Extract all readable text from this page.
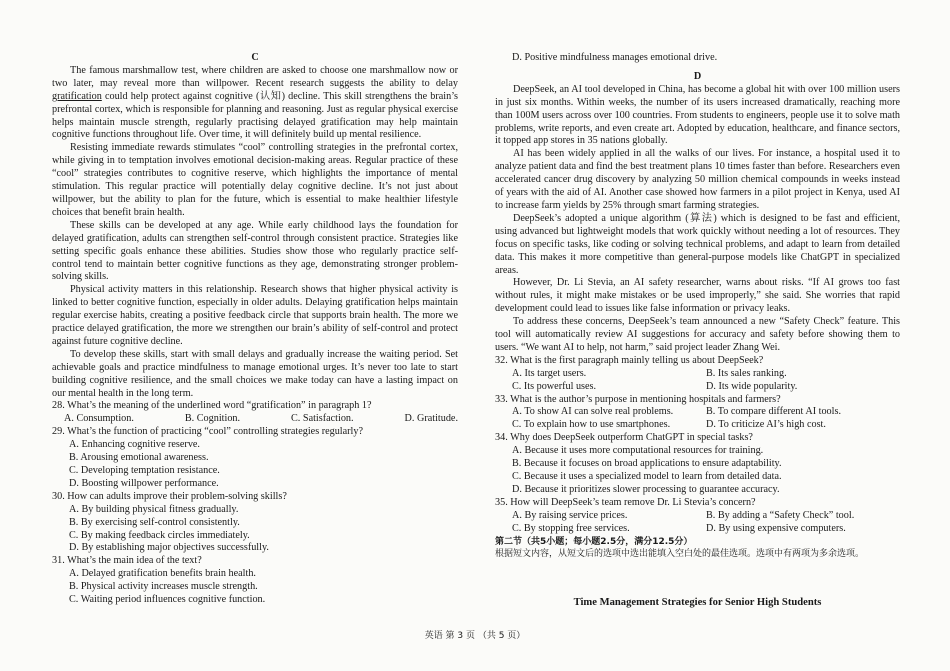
C

The famous marshmallow test, where children are asked to choose one marshmallow now or two later, may reveal more than willpower. Recent research suggests the ability to delay gratification could help protect against cognitive (认知) decline. This skill strengthens the brain’s prefrontal cortex, which is responsible for planning and reasoning. Just as regular physical exercise helps maintain muscle strength, regularly practising delayed gratification may help maintain cognitive functions throughout life. Over time, it will definitely build up mental resilience.

Resisting immediate rewards stimulates “cool” controlling strategies in the prefrontal cortex, while giving in to temptation involves emotional decision-making areas. Regular practice of these “cool” strategies contributes to cognitive reserve, which highlights the importance of mental stimulation. This regular practice will potentially delay cognitive decline. It’s not just about willpower, but the ability to plan for the future, which is essential to make healthier lifestyle choices that benefit brain health.

These skills can be developed at any age. While early childhood lays the foundation for delayed gratification, adults can strengthen self-control through consistent practice. Strategies like setting specific goals enhance these abilities. Studies show those who regularly practice self-control tend to maintain better cognitive functions as they age, demonstrating stronger problem-solving skills.

Physical activity matters in this relationship. Research shows that higher physical activity is linked to better cognitive function, especially in older adults. Delaying gratification helps maintain regular exercise habits, creating a positive feedback circle that supports brain health. The more we practice delayed gratification, the more we strengthen our brain’s ability of self-control and protect against future cognitive decline.

To develop these skills, start with small delays and gradually increase the waiting period. Set achievable goals and practice mindfulness to manage emotional urges. It’s never too late to start building cognitive resilience, and the small choices we make today can have a lasting impact on our mental health in the long term.

28. What’s the meaning of the underlined word “gratification” in paragraph 1?
A. Consumption.	B. Cognition.	C. Satisfaction.	D. Gratitude.
29. What’s the function of practicing “cool” controlling strategies regularly?
A. Enhancing cognitive reserve.
B. Arousing emotional awareness.
C. Developing temptation resistance.
D. Boosting willpower performance.
30. How can adults improve their problem-solving skills?
A. By building physical fitness gradually.
B. By exercising self-control consistently.
C. By making feedback circles immediately.
D. By establishing major objectives successfully.
31. What’s the main idea of the text?
A. Delayed gratification benefits brain health.
B. Physical activity increases muscle strength.
C. Waiting period influences cognitive function.
D. Positive mindfulness manages emotional drive.
D

DeepSeek, an AI tool developed in China, has become a global hit with over 100 million users in just six months. Within weeks, the number of its users increased dramatically, reaching more than 100M users across over 100 countries. From students to engineers, people use it to solve math problems, write reports, and even create art. Adopted by education, healthcare, and finance sectors, it topped app stores in 35 nations globally.

AI has been widely applied in all the walks of our lives. For instance, a hospital used it to analyze patient data and find the best treatment plans 10 times faster than before. Researchers even accelerated cancer drug discovery by analyzing 50 million chemical compounds in weeks instead of years with the aid of AI. Another case showed how farmers in a pilot project in Kenya, used AI to increase farm yields by 25% through smart farming strategies.

DeepSeek’s adopted a unique algorithm (算法) which is designed to be fast and efficient, using advanced but lightweight models that work quickly without needing a lot of resources. They focus on specific tasks, like coding or solving technical problems, and adapt to learn from detailed data. This makes it more competitive than general-purpose models like ChatGPT in specialized areas.

However, Dr. Li Stevia, an AI safety researcher, warns about risks. “If AI grows too fast without rules, it might make mistakes or be used improperly,” she said. She worries that rapid development could lead to issues like false information or privacy leaks.

To address these concerns, DeepSeek’s team announced a new “Safety Check” feature. This tool will automatically review AI suggestions for accuracy and safety before showing them to users. “We want AI to help, not harm,” said project leader Zhang Wei.

32. What is the first paragraph mainly telling us about DeepSeek?
A. Its target users.	B. Its sales ranking.
C. Its powerful uses.	D. Its wide popularity.
33. What is the author’s purpose in mentioning hospitals and farmers?
A. To show AI can solve real problems.	B. To compare different AI tools.
C. To explain how to use smartphones.	D. To criticize AI’s high cost.
34. Why does DeepSeek outperform ChatGPT in special tasks?
A. Because it uses more computational resources for training.
B. Because it focuses on broad applications to ensure adaptability.
C. Because it uses a specialized model to learn from detailed data.
D. Because it prioritizes slower processing to guarantee accuracy.
35. How will DeepSeek’s team remove Dr. Li Stevia’s concern?
A. By raising service prices.	B. By adding a “Safety Check” tool.
C. By stopping free services.	D. By using expensive computers.
第二节（共5小题；每小题2.5分，满分12.5分）
根据短文内容，从短文后的选项中选出能填入空白处的最佳选项。选项中有两项为多余选项。
Time Management Strategies for Senior High Students
英语 第 3 页 （共 5 页）
